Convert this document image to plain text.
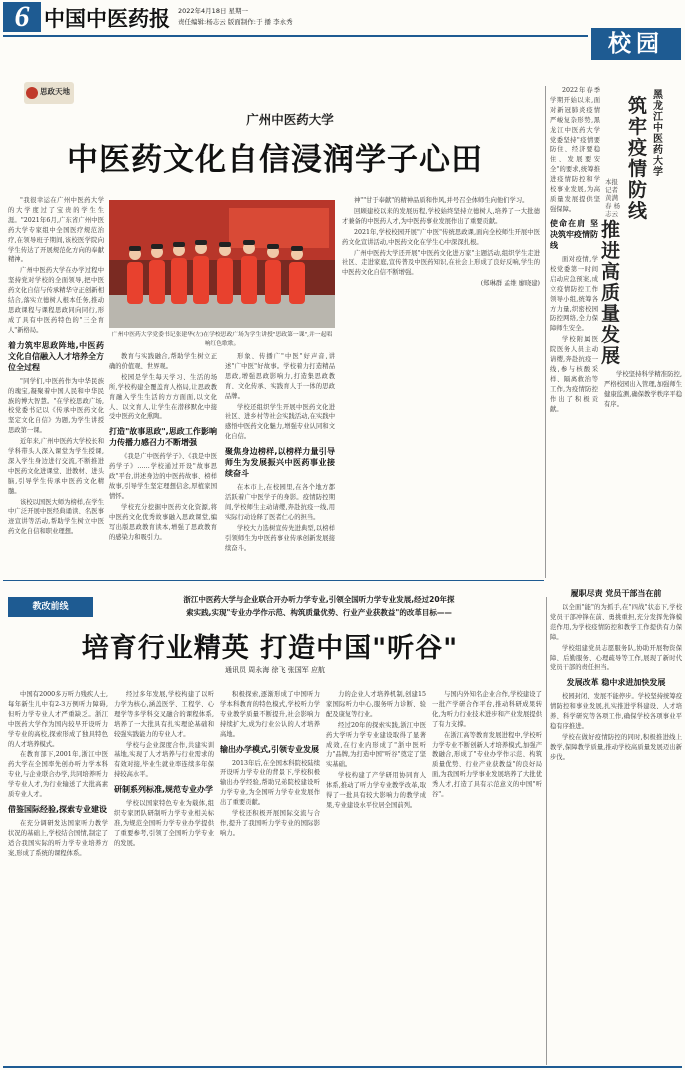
6 中国中医药报 2022年4月18日 星期一
责任编辑:杨志云 版面制作:于 播 李永秀
校园
思政天地
广州中医药大学
中医药文化自信浸润学子心田

"我很幸运在广州中医药大学的大学度过了宝贵的学生生涯。"2021年6月,广东省广州中医药大学专家组中全国医疗规范治疗,在领导班子期间,该校医学院向学生传达了开展规范化方向的奉献精神。

广州中医药大学在办学过程中坚持党对学校的全面领导,把中医药文化自信与传承精华守正创新相结合,落实立德树人根本任务,推动思政课程与课程思政同向同行,形成了具有中医药特色的"三全育人"新格局。

着力筑牢思政阵地,中医药文化自信融入人才培养全方位全过程

"同学们,中医药作为中华民族的瑰宝,凝聚着中国人民和中华民族的博大智慧。"在学校思政广场,校党委书记以《传承中医药文化 坚定文化自信》为题,为学生讲授思政第一课。

近年来,广州中医药大学校长和学科带头人深入课堂为学生授课,深入学生身边进行交流,不断推进中医药文化进课堂、进教材、进头脑,引导学生传承中医药文化精髓。

该校以国医大师为榜样,在学生中广泛开展中医经典诵读、名医事迹宣讲等活动,帮助学生树立中医药文化自信和职业理想。

广州中医药大学党委书记张建华(左)在学校思政广场为学生讲授"思政第一课",并一起唱响红色歌歌。

教育与实践融合,帮助学生树立正确的价值观、世界观。

校园是学生每天学习、生活的场所,学校构建全覆盖育人格局,让思政教育融入学生生活的方方面面,以文化人、以文育人,让学生在潜移默化中接受中医药文化熏陶。

打造"故事思政",思政工作影响力传播力感召力不断增强

《我是广中医药学子》、《我是中医药学子》……学校通过开设"故事思政"平台,讲述身边的中医药故事、榜样故事,引导学生坚定理想信念,厚植家国情怀。

学校充分挖掘中医药文化资源,将中医药文化优秀故事融入思政课堂,编写出版思政教育读本,增强了思政教育的感染力和吸引力。

形象、传播广"中医"好声音,讲述"广中医"好故事。学校着力打造精品思政,增强思政影响力,打造集思政教育、文化传承、实践育人于一体的思政品牌。

学校还组织学生开展中医药文化进社区、进乡村等社会实践活动,在实践中感悟中医药文化魅力,增强专业认同和文化自信。

聚焦身边榜样,以榜样力量引导师生为发展振兴中医药事业接续奋斗

在本市上,在校园里,在各个地方都活跃着广中医学子的身影。疫情防控期间,学校师生主动请缨,奔赴抗疫一线,用实际行动诠释了医者仁心的担当。

学校大力选树宣传先进典型,以榜样引领师生为中医药事业传承创新发展接续奋斗。

神""甘于奉献"的精神品质和作风,并号召全体师生向他们学习。

回顾建校以来的发展历程,学校始终坚持立德树人,培养了一大批德才兼备的中医药人才,为中医药事业发展作出了重要贡献。

2021年,学校校园开展"广中医"传统思政课,面向全校师生开展中医药文化宣讲活动,中医药文化在学生心中深深扎根。

广州中医药大学还开展"中医药文化进万家"主题活动,组织学生走进社区、走进家庭,宣传普及中医药知识,在社会上形成了良好反响,学生的中医药文化自信不断增强。

(郑琳群 孟维 廖晓建)

2022年春季学期开始以来,面对新冠肺炎疫情严峻复杂形势,黑龙江中医药大学党委坚持"疫情要防住、经济要稳住、发展要安全"的要求,统筹推进疫情防控和学校事业发展,为高质量发展提供坚强保障。

黑龙江中医药大学
筑牢疫情防线
推进高质量发展
本报记者 黄满春 杨志云

使命在肩 坚决筑牢疫情防线

面对疫情,学校党委第一时间启动应急预案,成立疫情防控工作领导小组,统筹各方力量,织密校园防控网络,全力保障师生安全。

学校附属医院医务人员主动请缨,奔赴抗疫一线,参与核酸采样、隔离救治等工作,为疫情防控作出了积极贡献。

学校坚持科学精准防控,严格校园出入管理,加强师生健康监测,确保教学秩序平稳有序。

履职尽责 党员干部当在前

以全面"能"的为抓手,在"四战"状态下,学校党员干部冲锋在前、勇挑重担,充分发挥先锋模范作用,为学校疫情防控和教学工作提供有力保障。

学校组建党员志愿服务队,协助开展物资保障、后勤服务、心理疏导等工作,展现了新时代党员干部的责任担当。

发展改革 稳中求进加快发展

校园封闭、发展不能停步。学校坚持统筹疫情防控和事业发展,扎实推进学科建设、人才培养、科学研究等各项工作,确保学校各项事业平稳有序推进。

学校在做好疫情防控的同时,积极推进线上教学,保障教学质量,推动学校高质量发展迈出新步伐。

教改前线
浙江中医药大学与企业联合开办听力学专业,引领全国听力学专业发展,经过20年探
索实践,实现"专业办学作示范、构筑质量优势、行业产业获教益"的改革目标——
培育行业精英 打造中国"听谷"
通讯员 周永海 徐飞 张国军 应航

中国有2000多万听力残疾人士,每年新生儿中有2-3万例听力障碍,但听力学专业人才严重缺乏。浙江中医药大学作为国内较早开设听力学专业的高校,探索形成了独具特色的人才培养模式。

在教育部下,2001年,浙江中医药大学在全国率先创办听力学本科专业,与企业联合办学,共同培养听力学专业人才,为行业输送了大批高素质专业人才。

借鉴国际经验,探索专业建设

在充分调研发达国家听力教学状况的基础上,学校结合国情,制定了适合我国实际的听力学专业培养方案,形成了系统的课程体系。

经过多年发展,学校构建了以听力学为核心,涵盖医学、工程学、心理学等多学科交叉融合的课程体系,培养了一大批具有扎实理论基础和较强实践能力的专业人才。

学校与企业深度合作,共建实训基地,实现了人才培养与行业需求的有效对接,毕业生就业率连续多年保持较高水平。

研制系列标准,规范专业办学

学校以国家特色专业为载体,组织专家团队研制听力学专业相关标准,为规范全国听力学专业办学提供了重要参考,引领了全国听力学专业的发展。

积极探索,逐渐形成了中国听力学本科教育的特色模式,学校听力学专业教学质量不断提升,社会影响力持续扩大,成为行业公认的人才培养高地。

输出办学模式,引领专业发展

2013年后,在全国本科院校陆续开设听力学专业的背景下,学校积极输出办学经验,帮助兄弟院校建设听力学专业,为全国听力学专业发展作出了重要贡献。

学校还积极开展国际交流与合作,提升了我国听力学专业的国际影响力。

力的企业人才培养机制,创建15家国际听力中心,服务听力诊断、验配及康复等行业。

经过20年的探索实践,浙江中医药大学听力学专业建设取得了显著成效,在行业内形成了"浙中医听力"品牌,为打造中国"听谷"奠定了坚实基础。

学校构建了产学研用协同育人体系,推动了听力学专业教学改革,取得了一批具有较大影响力的教学成果,专业建设水平位居全国前列。

与国内外知名企业合作,学校建设了一批产学研合作平台,推动科研成果转化,为听力行业技术进步和产业发展提供了有力支撑。

在浙江高等教育发展进程中,学校听力学专业不断创新人才培养模式,加强产教融合,形成了"专业办学作示范、构筑质量优势、行业产业获教益"的良好局面,为我国听力学事业发展培养了大批优秀人才,打造了具有示范意义的中国"听谷"。
